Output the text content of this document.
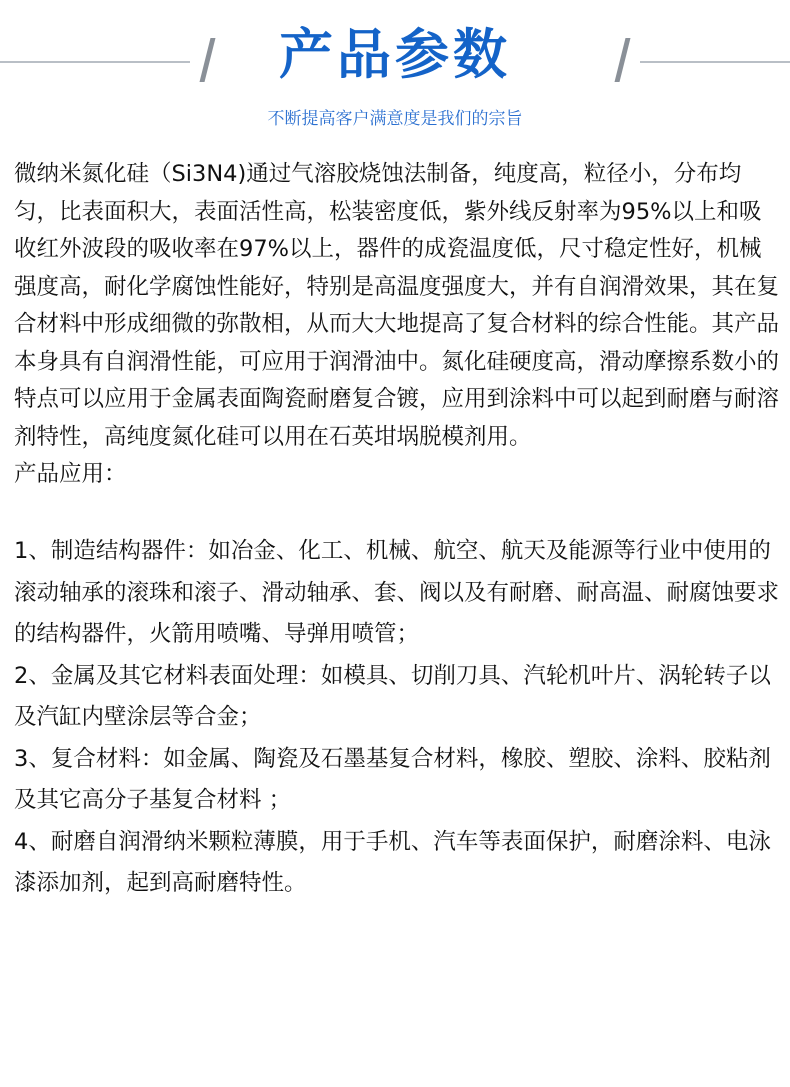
产品参数
不断提高客户满意度是我们的宗旨

微纳米氮化硅（Si3N4)通过气溶胶烧蚀法制备，纯度高，粒径小，分布均匀，比表面积大，表面活性高，松装密度低，紫外线反射率为95%以上和吸收红外波段的吸收率在97%以上，器件的成瓷温度低，尺寸稳定性好，机械强度高，耐化学腐蚀性能好，特别是高温度强度大，并有自润滑效果，其在复合材料中形成细微的弥散相，从而大大地提高了复合材料的综合性能。其产品本身具有自润滑性能，可应用于润滑油中。氮化硅硬度高，滑动摩擦系数小的特点可以应用于金属表面陶瓷耐磨复合镀，应用到涂料中可以起到耐磨与耐溶剂特性，高纯度氮化硅可以用在石英坩埚脱模剂用。

产品应用：

1、制造结构器件：如冶金、化工、机械、航空、航天及能源等行业中使用的滚动轴承的滚珠和滚子、滑动轴承、套、阀以及有耐磨、耐高温、耐腐蚀要求的结构器件，火箭用喷嘴、导弹用喷管；

2、金属及其它材料表面处理：如模具、切削刀具、汽轮机叶片、涡轮转子以及汽缸内壁涂层等合金；

3、复合材料：如金属、陶瓷及石墨基复合材料，橡胶、塑胶、涂料、胶粘剂及其它高分子基复合材料 ；

4、耐磨自润滑纳米颗粒薄膜，用于手机、汽车等表面保护，耐磨涂料、电泳漆添加剂，起到高耐磨特性。
